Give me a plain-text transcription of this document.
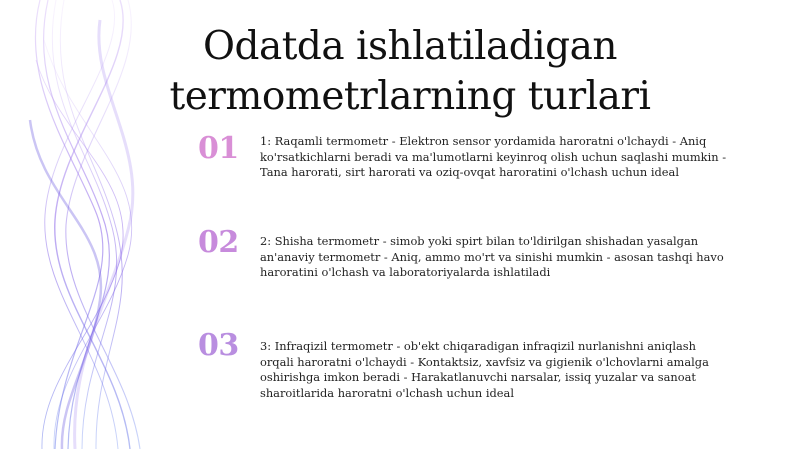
Odatda ishlatiladigan
termometrlarning turlari
01	1: Raqamli termometr - Elektron sensor yordamida haroratni o'lchaydi - Aniq ko'rsatkichlarni beradi va ma'lumotlarni keyinroq olish uchun saqlashi mumkin - Tana harorati, sirt harorati va oziq-ovqat haroratini o'lchash uchun ideal
02	2: Shisha termometr - simob yoki spirt bilan to'ldirilgan shishadan yasalgan an'anaviy termometr - Aniq, ammo mo'rt va sinishi mumkin - asosan tashqi havo haroratini o'lchash va laboratoriyalarda ishlatiladi
03	3: Infraqizil termometr - ob'ekt chiqaradigan infraqizil nurlanishni aniqlash orqali haroratni o'lchaydi - Kontaktsiz, xavfsiz va gigienik o'lchovlarni amalga oshirishga imkon beradi - Harakatlanuvchi narsalar, issiq yuzalar va sanoat sharoitlarida haroratni o'lchash uchun ideal
